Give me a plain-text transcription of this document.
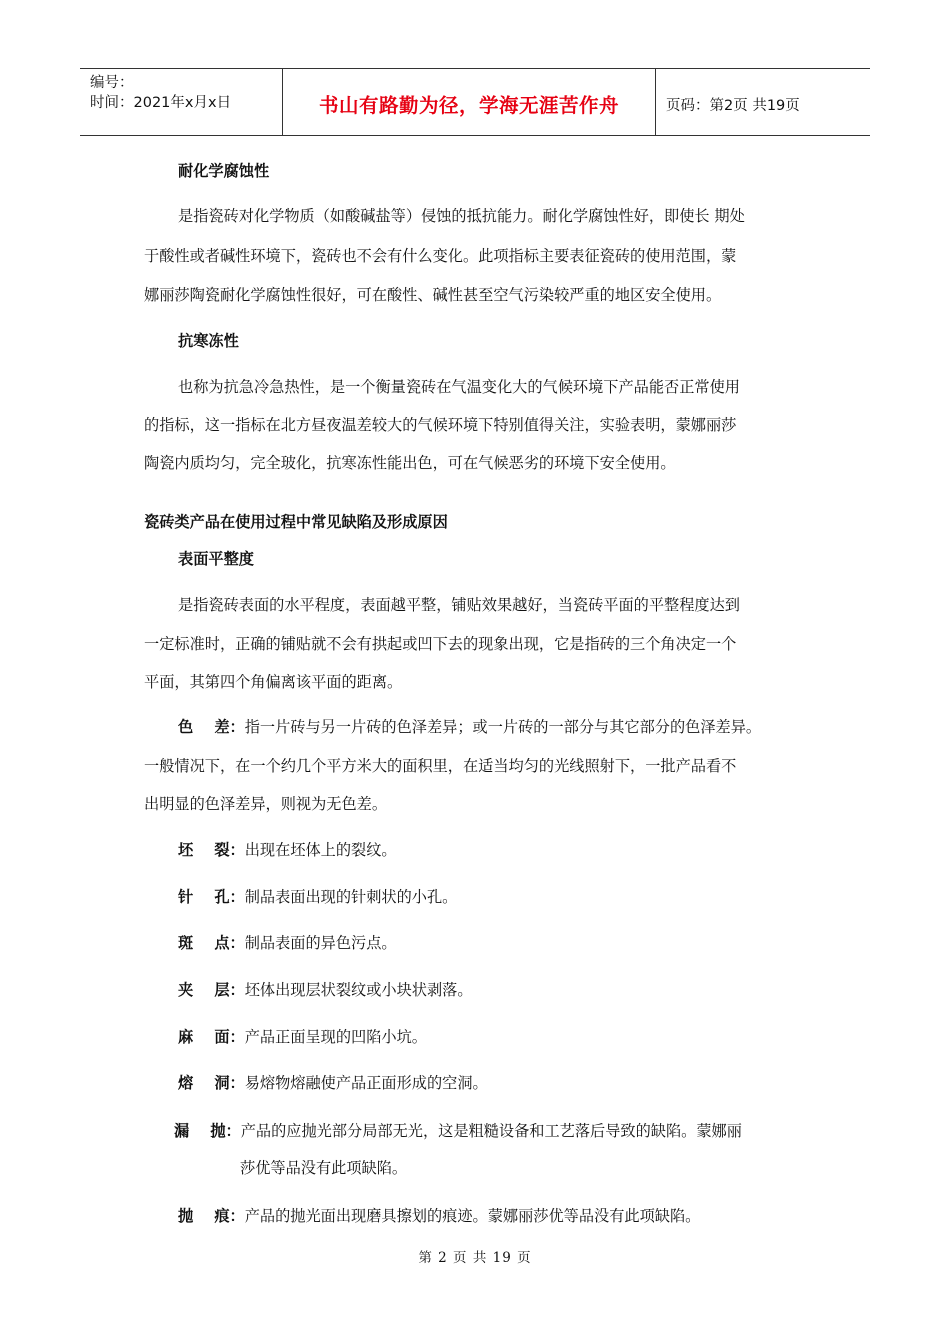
编号：
时间：2021年x月x日	书山有路勤为径，学海无涯苦作舟	页码：第2页 共19页
耐化学腐蚀性
是指瓷砖对化学物质（如酸碱盐等）侵蚀的抵抗能力。耐化学腐蚀性好，即使长 期处
于酸性或者碱性环境下，瓷砖也不会有什么变化。此项指标主要表征瓷砖的使用范围，蒙
娜丽莎陶瓷耐化学腐蚀性很好，可在酸性、碱性甚至空气污染较严重的地区安全使用。
抗寒冻性
也称为抗急冷急热性，是一个衡量瓷砖在气温变化大的气候环境下产品能否正常使用
的指标，这一指标在北方昼夜温差较大的气候环境下特别值得关注，实验表明，蒙娜丽莎
陶瓷内质均匀，完全玻化，抗寒冻性能出色，可在气候恶劣的环境下安全使用。
瓷砖类产品在使用过程中常见缺陷及形成原因
表面平整度
是指瓷砖表面的水平程度，表面越平整，铺贴效果越好，当瓷砖平面的平整程度达到
一定标准时，正确的铺贴就不会有拱起或凹下去的现象出现，它是指砖的三个角决定一个
平面，其第四个角偏离该平面的距离。
色    差：指一片砖与另一片砖的色泽差异；或一片砖的一部分与其它部分的色泽差异。
一般情况下，在一个约几个平方米大的面积里，在适当均匀的光线照射下，一批产品看不
出明显的色泽差异，则视为无色差。
坯    裂：出现在坯体上的裂纹。
针    孔：制品表面出现的针刺状的小孔。
斑    点：制品表面的异色污点。
夹    层：坯体出现层状裂纹或小块状剥落。
麻    面：产品正面呈现的凹陷小坑。
熔    洞：易熔物熔融使产品正面形成的空洞。
漏    抛：产品的应抛光部分局部无光，这是粗糙设备和工艺落后导致的缺陷。蒙娜丽
莎优等品没有此项缺陷。
抛    痕：产品的抛光面出现磨具擦划的痕迹。蒙娜丽莎优等品没有此项缺陷。
第 2 页 共 19 页
